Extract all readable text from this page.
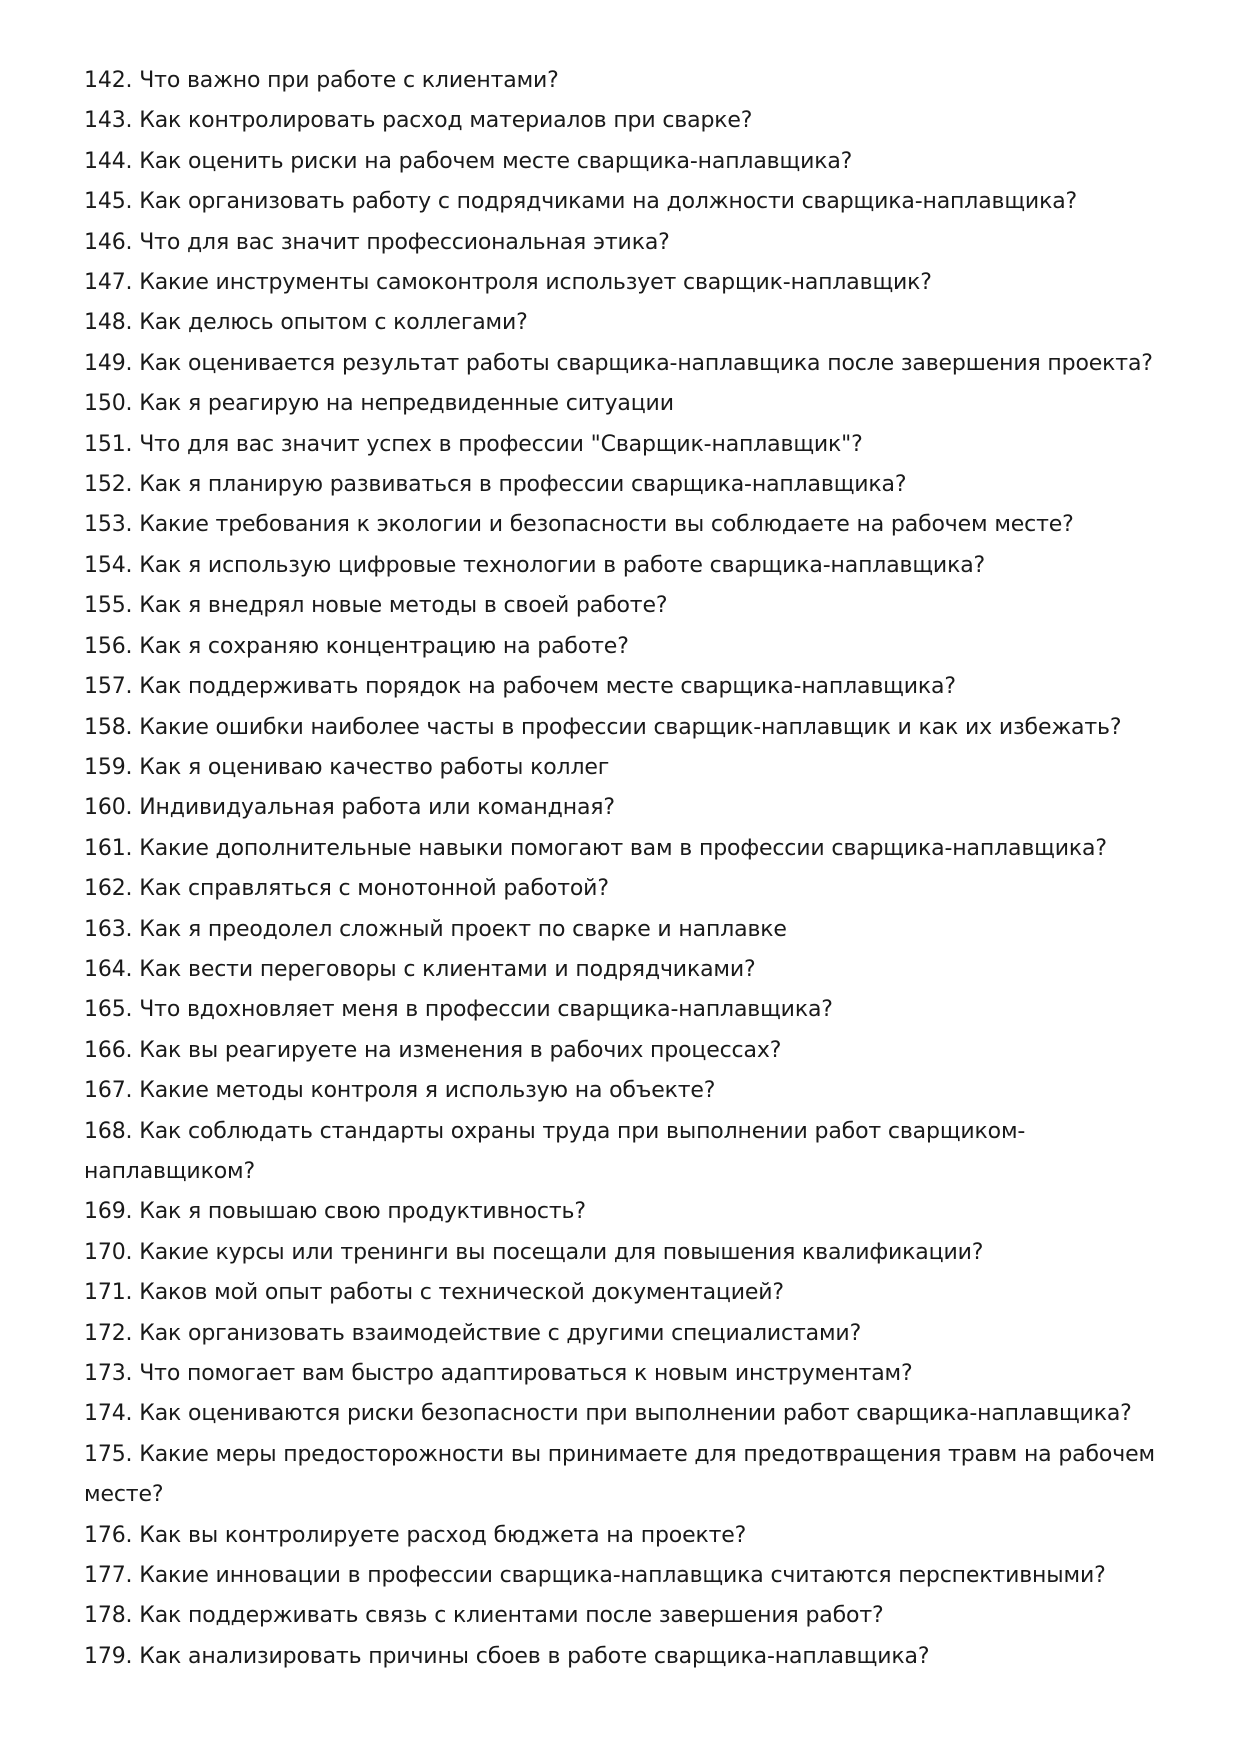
142. Что важно при работе с клиентами?
143. Как контролировать расход материалов при сварке?
144. Как оценить риски на рабочем месте сварщика-наплавщика?
145. Как организовать работу с подрядчиками на должности сварщика-наплавщика?
146. Что для вас значит профессиональная этика?
147. Какие инструменты самоконтроля использует сварщик-наплавщик?
148. Как делюсь опытом с коллегами?
149. Как оценивается результат работы сварщика-наплавщика после завершения проекта?
150. Как я реагирую на непредвиденные ситуации
151. Что для вас значит успех в профессии "Сварщик-наплавщик"?
152. Как я планирую развиваться в профессии сварщика-наплавщика?
153. Какие требования к экологии и безопасности вы соблюдаете на рабочем месте?
154. Как я использую цифровые технологии в работе сварщика-наплавщика?
155. Как я внедрял новые методы в своей работе?
156. Как я сохраняю концентрацию на работе?
157. Как поддерживать порядок на рабочем месте сварщика-наплавщика?
158. Какие ошибки наиболее часты в профессии сварщик-наплавщик и как их избежать?
159. Как я оцениваю качество работы коллег
160. Индивидуальная работа или командная?
161. Какие дополнительные навыки помогают вам в профессии сварщика-наплавщика?
162. Как справляться с монотонной работой?
163. Как я преодолел сложный проект по сварке и наплавке
164. Как вести переговоры с клиентами и подрядчиками?
165. Что вдохновляет меня в профессии сварщика-наплавщика?
166. Как вы реагируете на изменения в рабочих процессах?
167. Какие методы контроля я использую на объекте?
168. Как соблюдать стандарты охраны труда при выполнении работ сварщиком-наплавщиком?
169. Как я повышаю свою продуктивность?
170. Какие курсы или тренинги вы посещали для повышения квалификации?
171. Каков мой опыт работы с технической документацией?
172. Как организовать взаимодействие с другими специалистами?
173. Что помогает вам быстро адаптироваться к новым инструментам?
174. Как оцениваются риски безопасности при выполнении работ сварщика-наплавщика?
175. Какие меры предосторожности вы принимаете для предотвращения травм на рабочем месте?
176. Как вы контролируете расход бюджета на проекте?
177. Какие инновации в профессии сварщика-наплавщика считаются перспективными?
178. Как поддерживать связь с клиентами после завершения работ?
179. Как анализировать причины сбоев в работе сварщика-наплавщика?
